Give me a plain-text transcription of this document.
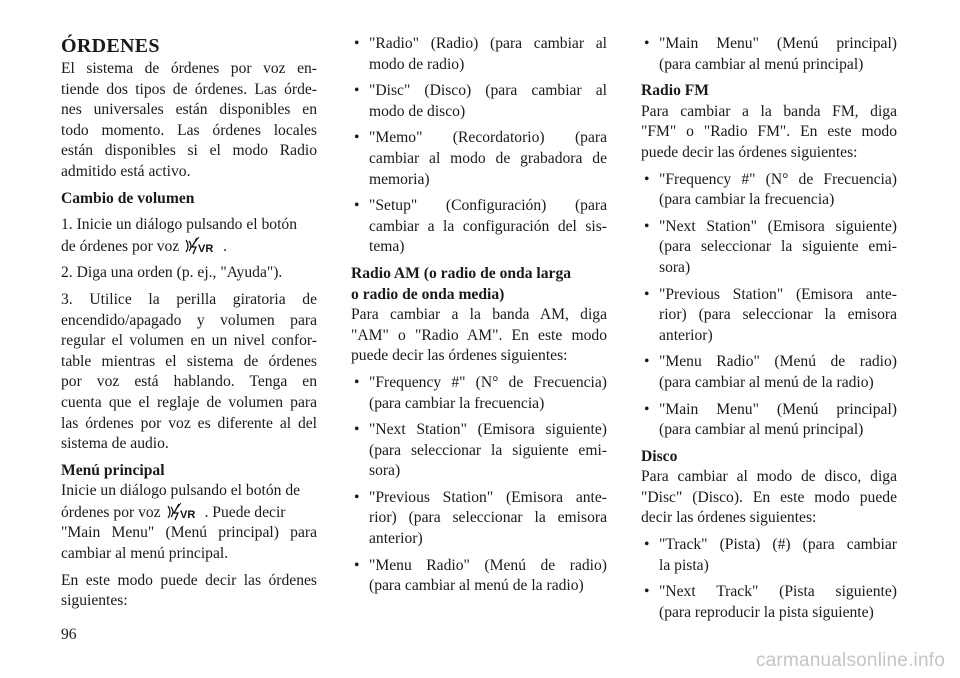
ÓRDENES
El sistema de órdenes por voz en-
tiende dos tipos de órdenes. Las órde-
nes universales están disponibles en
todo momento. Las órdenes locales
están disponibles si el modo Radio
admitido está activo.
Cambio de volumen
1. Inicie un diálogo pulsando el botón
de órdenes por voz VR .
2. Diga una orden (p. ej., "Ayuda").
3. Utilice la perilla giratoria de
encendido/apagado y volumen para
regular el volumen en un nivel confor-
table mientras el sistema de órdenes
por voz está hablando. Tenga en
cuenta que el reglaje de volumen para
las órdenes por voz es diferente al del
sistema de audio.
Menú principal
Inicie un diálogo pulsando el botón de
órdenes por voz VR . Puede decir
"Main Menu" (Menú principal) para
cambiar al menú principal.
En este modo puede decir las órdenes
siguientes:
• "Radio" (Radio) (para cambiar al
modo de radio)
• "Disc" (Disco) (para cambiar al
modo de disco)
• "Memo" (Recordatorio) (para
cambiar al modo de grabadora de
memoria)
• "Setup" (Configuración) (para
cambiar a la configuración del sis-
tema)
Radio AM (o radio de onda larga
o radio de onda media)
Para cambiar a la banda AM, diga
"AM" o "Radio AM". En este modo
puede decir las órdenes siguientes:
• "Frequency #" (N° de Frecuencia)
(para cambiar la frecuencia)
• "Next Station" (Emisora siguiente)
(para seleccionar la siguiente emi-
sora)
• "Previous Station" (Emisora ante-
rior) (para seleccionar la emisora
anterior)
• "Menu Radio" (Menú de radio)
(para cambiar al menú de la radio)
• "Main Menu" (Menú principal)
(para cambiar al menú principal)
Radio FM
Para cambiar a la banda FM, diga
"FM" o "Radio FM". En este modo
puede decir las órdenes siguientes:
• "Frequency #" (N° de Frecuencia)
(para cambiar la frecuencia)
• "Next Station" (Emisora siguiente)
(para seleccionar la siguiente emi-
sora)
• "Previous Station" (Emisora ante-
rior) (para seleccionar la emisora
anterior)
• "Menu Radio" (Menú de radio)
(para cambiar al menú de la radio)
• "Main Menu" (Menú principal)
(para cambiar al menú principal)
Disco
Para cambiar al modo de disco, diga
"Disc" (Disco). En este modo puede
decir las órdenes siguientes:
• "Track" (Pista) (#) (para cambiar
la pista)
• "Next Track" (Pista siguiente)
(para reproducir la pista siguiente)
96
carmanualsonline.info
